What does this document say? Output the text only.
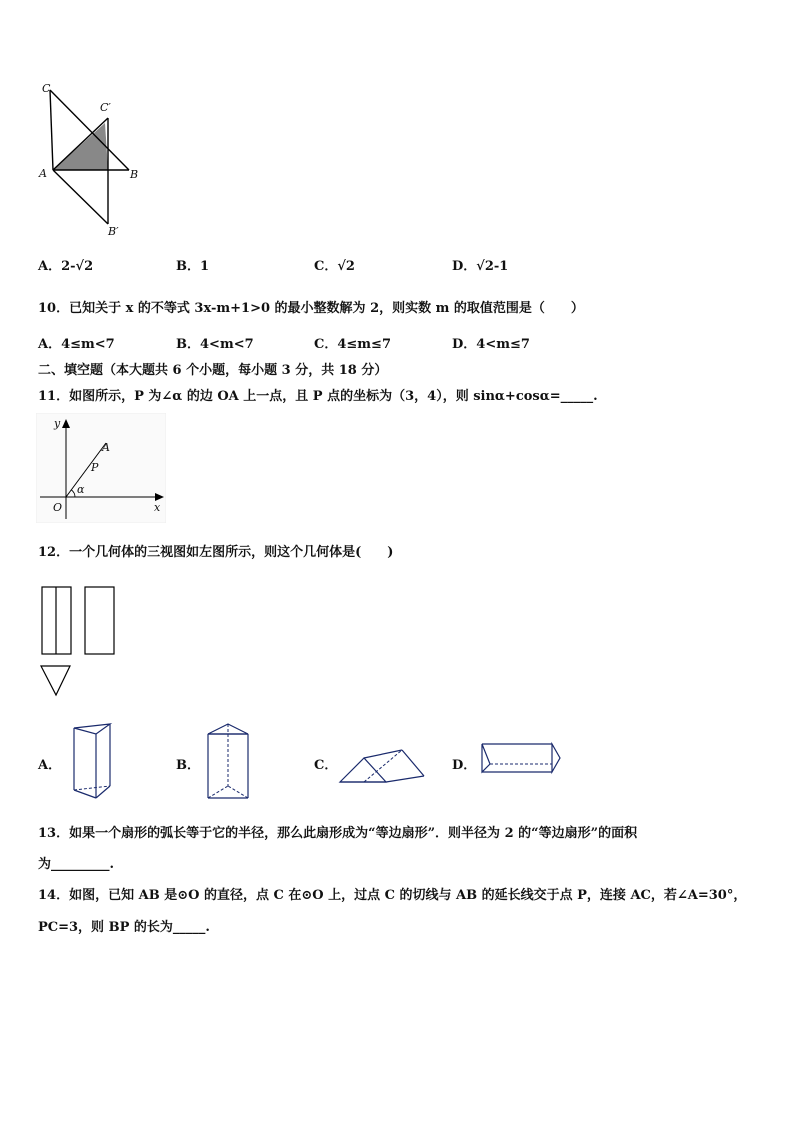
C
C′
A	B
B′
A．2-√2	B．1	C．√2	D．√2-1
10．已知关于 x 的不等式 3x-m+1>0 的最小整数解为 2，则实数 m 的取值范围是（　　）
A．4≤m<7	B．4<m<7	C．4≤m≤7	D．4<m≤7
二、填空题（本大题共 6 个小题，每小题 3 分，共 18 分）
11．如图所示，P 为∠α 的边 OA 上一点，且 P 点的坐标为（3，4），则 sinα+cosα=_____.
y
x
O
A
P
α
12．一个几何体的三视图如左图所示，则这个几何体是(　　)
A．	B．	C．	D．
13．如果一个扇形的弧长等于它的半径，那么此扇形成为“等边扇形”．则半径为 2 的“等边扇形”的面积
为_________.
14．如图，已知 AB 是⊙O 的直径，点 C 在⊙O 上，过点 C 的切线与 AB 的延长线交于点 P，连接 AC，若∠A=30°，
PC=3，则 BP 的长为_____.
